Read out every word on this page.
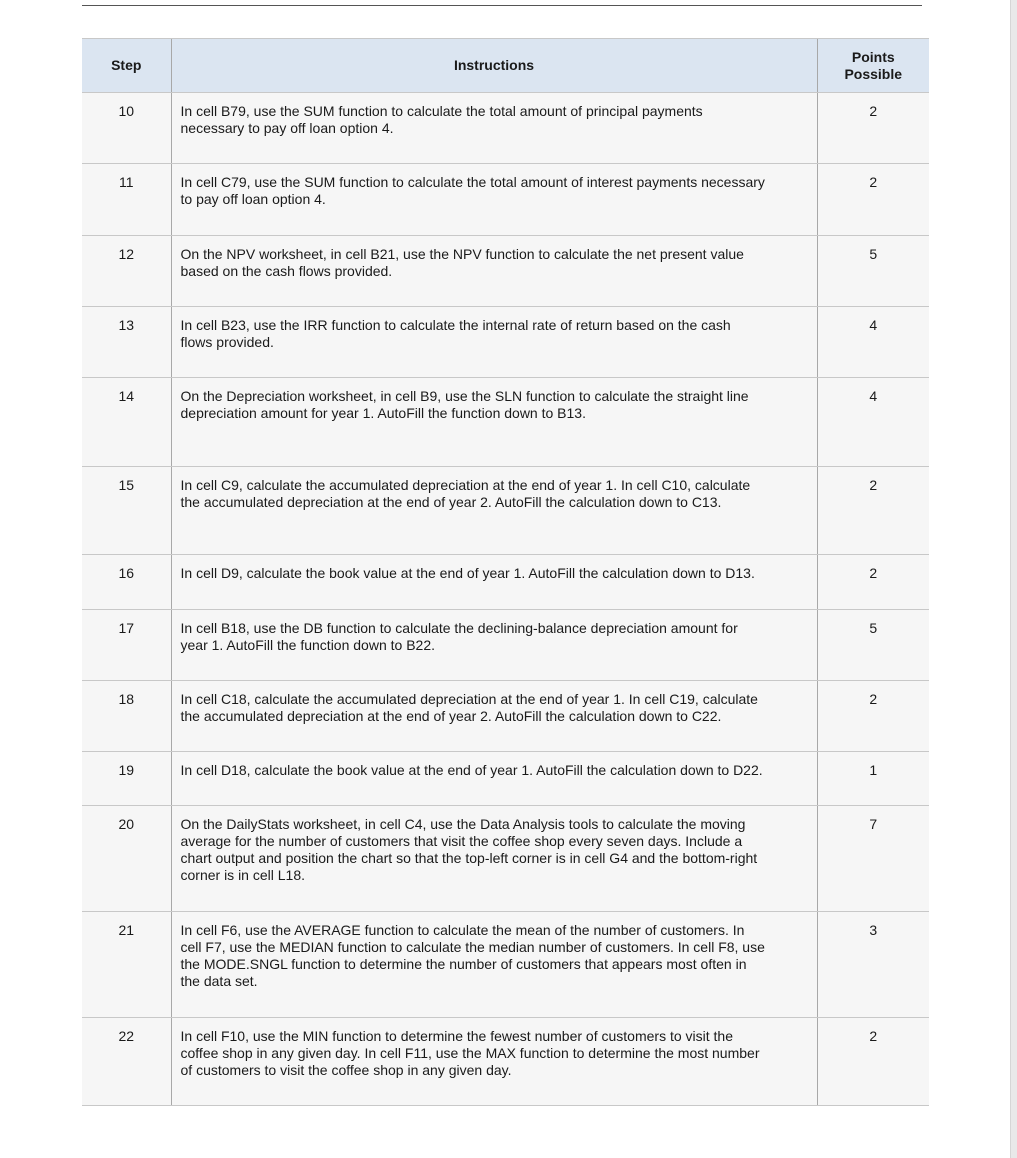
Step	Instructions	Points
Possible
10	In cell B79, use the SUM function to calculate the total amount of principal payments
necessary to pay off loan option 4.	2
11	In cell C79, use the SUM function to calculate the total amount of interest payments necessary
to pay off loan option 4.	2
12	On the NPV worksheet, in cell B21, use the NPV function to calculate the net present value
based on the cash flows provided.	5
13	In cell B23, use the IRR function to calculate the internal rate of return based on the cash
flows provided.	4
14	On the Depreciation worksheet, in cell B9, use the SLN function to calculate the straight line
depreciation amount for year 1. AutoFill the function down to B13.	4
15	In cell C9, calculate the accumulated depreciation at the end of year 1. In cell C10, calculate
the accumulated depreciation at the end of year 2. AutoFill the calculation down to C13.	2
16	In cell D9, calculate the book value at the end of year 1. AutoFill the calculation down to D13.	2
17	In cell B18, use the DB function to calculate the declining-balance depreciation amount for
year 1. AutoFill the function down to B22.	5
18	In cell C18, calculate the accumulated depreciation at the end of year 1. In cell C19, calculate
the accumulated depreciation at the end of year 2. AutoFill the calculation down to C22.	2
19	In cell D18, calculate the book value at the end of year 1. AutoFill the calculation down to D22.	1
20	On the DailyStats worksheet, in cell C4, use the Data Analysis tools to calculate the moving
average for the number of customers that visit the coffee shop every seven days. Include a
chart output and position the chart so that the top-left corner is in cell G4 and the bottom-right
corner is in cell L18.	7
21	In cell F6, use the AVERAGE function to calculate the mean of the number of customers. In
cell F7, use the MEDIAN function to calculate the median number of customers. In cell F8, use
the MODE.SNGL function to determine the number of customers that appears most often in
the data set.	3
22	In cell F10, use the MIN function to determine the fewest number of customers to visit the
coffee shop in any given day. In cell F11, use the MAX function to determine the most number
of customers to visit the coffee shop in any given day.	2
